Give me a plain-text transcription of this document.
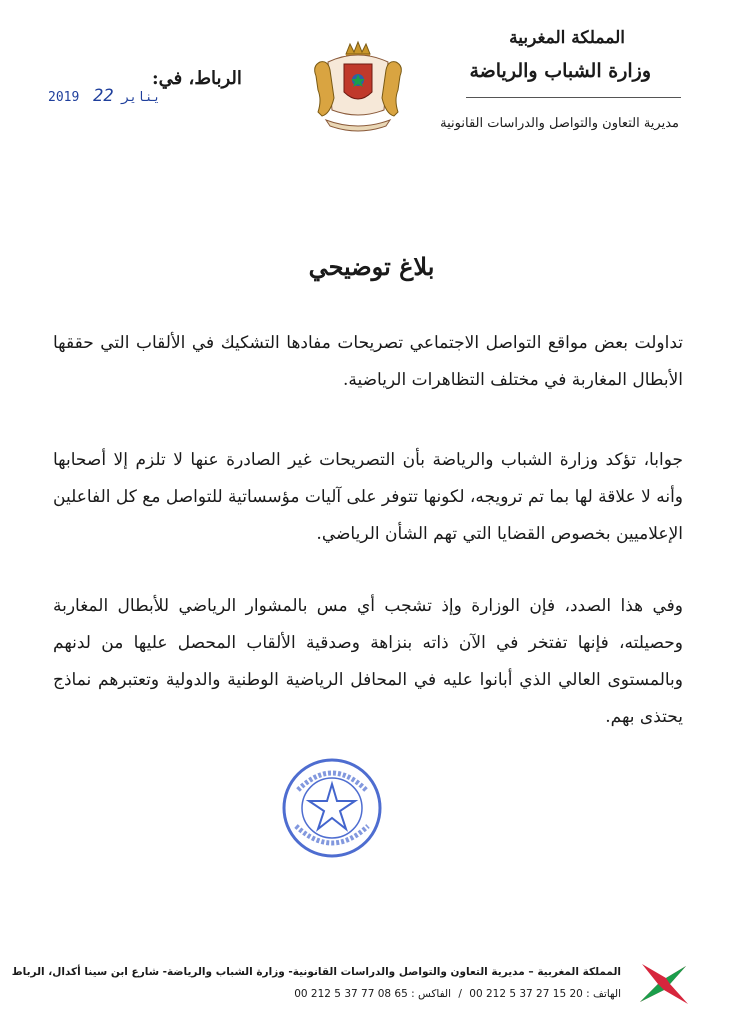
المملكة المغربية
وزارة الشباب والرياضة
مديرية التعاون والتواصل والدراسات القانونية
الرباط، في:
2019	يناير 22
بلاغ توضيحي
تداولت بعض مواقع التواصل الاجتماعي تصريحات مفادها التشكيك في الألقاب التي حققها الأبطال المغاربة في مختلف التظاهرات الرياضية.
جوابا، تؤكد وزارة الشباب والرياضة بأن التصريحات غير الصادرة عنها لا تلزم إلا أصحابها وأنه لا علاقة لها بما تم ترويجه، لكونها تتوفر على آليات مؤسساتية للتواصل مع كل الفاعلين الإعلاميين بخصوص القضايا التي تهم الشأن الرياضي.
وفي هذا الصدد، فإن الوزارة وإذ تشجب أي مس بالمشوار الرياضي للأبطال المغاربة وحصيلته، فإنها تفتخر في الآن ذاته بنزاهة وصدقية الألقاب المحصل عليها من لدنهم وبالمستوى العالي الذي أبانوا عليه في المحافل الرياضية الوطنية والدولية وتعتبرهم نماذج يحتذى بهم.
المملكة المغربية – مديرية التعاون والتواصل والدراسات القانونية- وزارة الشباب والرياضة- شارع ابن سينا أكدال، الرباط
الهاتف : 00 212 5 37 27 15 20 / الفاكس : 00 212 5 37 77 08 65
